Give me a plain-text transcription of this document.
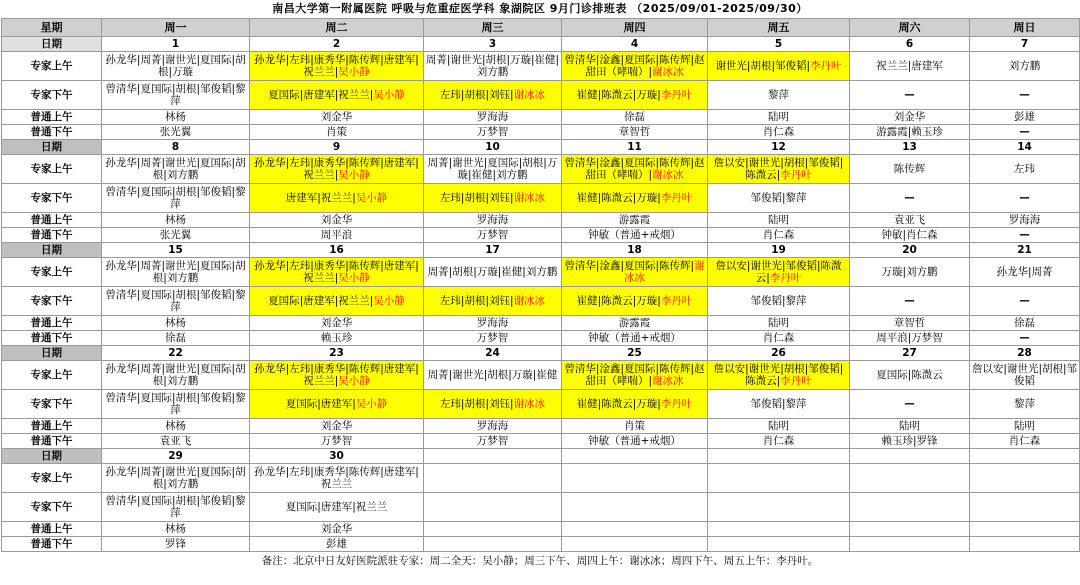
南昌大学第一附属医院 呼吸与危重症医学科 象湖院区 9月门诊排班表 （2025/09/01-2025/09/30）
星期	周一	周二	周三	周四	周五	周六	周日
日期	1	2	3	4	5	6	7
专家上午	孙龙华|周菁|谢世光|夏国际|胡根|万璇	孙龙华|左玮|康秀华|陈传辉|唐建军|祝兰兰|吴小静	周菁|谢世光|胡根|万璇|崔健|刘方鹏	曾清华|淦鑫|夏国际|陈传辉|赵甜田（哮喘）|谢冰冰	谢世光|胡根|邹俊韬|李丹叶	祝兰兰|唐建军	刘方鹏
专家下午	曾清华|夏国际|胡根|邹俊韬|黎萍	夏国际|唐建军|祝兰兰|吴小静	左玮|胡根|刘钰|谢冰冰	崔健|陈溦云|万璇|李丹叶	黎萍	—	—
普通上午	林杨	刘金华	罗海海	徐磊	陆明	刘金华	彭雄
普通下午	张光翼	肖策	万梦智	章智哲	肖仁森	游露霞|赖玉珍	—
日期	8	9	10	11	12	13	14
专家上午	孙龙华|周菁|谢世光|夏国际|胡根|刘方鹏	孙龙华|左玮|康秀华|陈传辉|唐建军|祝兰兰|吴小静	周菁|谢世光|夏国际|胡根|万璇|崔健|刘方鹏	曾清华|淦鑫|夏国际|陈传辉|赵甜田（哮喘）|谢冰冰	詹以安|谢世光|胡根|邹俊韬|陈溦云|李丹叶	陈传辉	左玮
专家下午	曾清华|夏国际|胡根|邹俊韬|黎萍	唐建军|祝兰兰|吴小静	左玮|胡根|刘钰|谢冰冰	崔健|陈溦云|万璇|李丹叶	邹俊韬|黎萍	—	—
普通上午	林杨	刘金华	罗海海	游露霞	陆明	袁亚飞	罗海海
普通下午	张光翼	周平浪	万梦智	钟敏（普通+戒烟）	肖仁森	钟敏|肖仁森	—
日期	15	16	17	18	19	20	21
专家上午	孙龙华|周菁|谢世光|夏国际|胡根|刘方鹏	孙龙华|左玮|康秀华|陈传辉|唐建军|祝兰兰|吴小静	周菁|胡根|万璇|崔健|刘方鹏	曾清华|淦鑫|夏国际|陈传辉|谢冰冰	詹以安|谢世光|邹俊韬|陈溦云|李丹叶	万璇|刘方鹏	孙龙华|周菁
专家下午	曾清华|夏国际|胡根|邹俊韬|黎萍	夏国际|唐建军|祝兰兰|吴小静	左玮|胡根|刘钰|谢冰冰	崔健|陈溦云|万璇|李丹叶	邹俊韬|黎萍	—	—
普通上午	林杨	刘金华	罗海海	游露霞	陆明	章智哲	徐磊
普通下午	徐磊	赖玉珍	万梦智	钟敏（普通+戒烟）	肖仁森	周平浪|万梦智	—
日期	22	23	24	25	26	27	28
专家上午	孙龙华|周菁|谢世光|夏国际|胡根|刘方鹏	孙龙华|左玮|康秀华|陈传辉|唐建军|祝兰兰|吴小静	周菁|谢世光|胡根|万璇|崔健	曾清华|淦鑫|夏国际|陈传辉|赵甜田（哮喘）|谢冰冰	詹以安|谢世光|胡根|邹俊韬|陈溦云|李丹叶	夏国际|陈溦云	詹以安|谢世光|胡根|邹俊韬
专家下午	曾清华|夏国际|胡根|邹俊韬|黎萍	夏国际|唐建军|吴小静	左玮|胡根|刘钰|谢冰冰	崔健|陈溦云|万璇|李丹叶	邹俊韬|黎萍	—	黎萍
普通上午	林杨	刘金华	罗海海	肖策	陆明	陆明	陆明
普通下午	袁亚飞	万梦智	万梦智	钟敏（普通+戒烟）	肖仁森	赖玉珍|罗锋	肖仁森
日期	29	30					
专家上午	孙龙华|周菁|谢世光|夏国际|胡根|刘方鹏	孙龙华|左玮|康秀华|陈传辉|唐建军|祝兰兰					
专家下午	曾清华|夏国际|胡根|邹俊韬|黎萍	夏国际|唐建军|祝兰兰					
普通上午	林杨	刘金华					
普通下午	罗锋	彭雄					
备注：北京中日友好医院派驻专家：周二全天：吴小静；周三下午、周四上午：谢冰冰；周四下午、周五上午：李丹叶。
